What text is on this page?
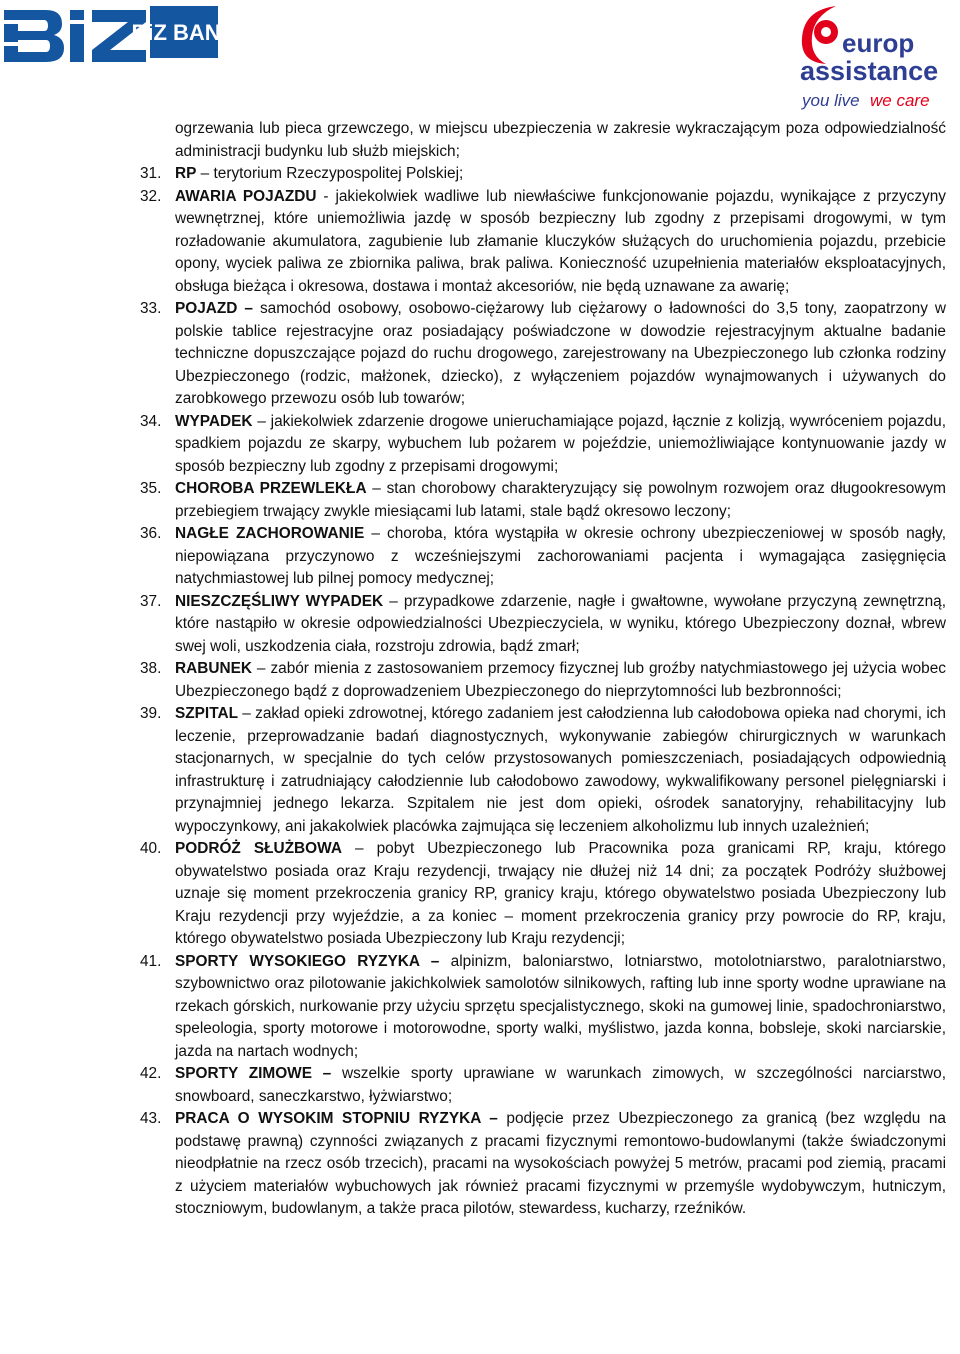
BiZ BANK	europ
assistance
you live we care
ogrzewania lub pieca grzewczego, w miejscu ubezpieczenia w zakresie wykraczającym poza odpowiedzialność administracji budynku lub służb miejskich;
31. RP – terytorium Rzeczypospolitej Polskiej;
32. AWARIA POJAZDU - jakiekolwiek wadliwe lub niewłaściwe funkcjonowanie pojazdu, wynikające z przyczyny wewnętrznej, które uniemożliwia jazdę w sposób bezpieczny lub zgodny z przepisami drogowymi, w tym rozładowanie akumulatora, zagubienie lub złamanie kluczyków służących do uruchomienia pojazdu, przebicie opony, wyciek paliwa ze zbiornika paliwa, brak paliwa. Konieczność uzupełnienia materiałów eksploatacyjnych, obsługa bieżąca i okresowa, dostawa i montaż akcesoriów, nie będą uznawane za awarię;
33. POJAZD – samochód osobowy, osobowo-ciężarowy lub ciężarowy o ładowności do 3,5 tony, zaopatrzony w polskie tablice rejestracyjne oraz posiadający poświadczone w dowodzie rejestracyjnym aktualne badanie techniczne dopuszczające pojazd do ruchu drogowego, zarejestrowany na Ubezpieczonego lub członka rodziny Ubezpieczonego (rodzic, małżonek, dziecko), z wyłączeniem pojazdów wynajmowanych i używanych do zarobkowego przewozu osób lub towarów;
34. WYPADEK – jakiekolwiek zdarzenie drogowe unieruchamiające pojazd, łącznie z kolizją, wywróceniem pojazdu, spadkiem pojazdu ze skarpy, wybuchem lub pożarem w pojeździe, uniemożliwiające kontynuowanie jazdy w sposób bezpieczny lub zgodny z przepisami drogowymi;
35. CHOROBA PRZEWLEKŁA – stan chorobowy charakteryzujący się powolnym rozwojem oraz długookresowym przebiegiem trwający zwykle miesiącami lub latami, stale bądź okresowo leczony;
36. NAGŁE ZACHOROWANIE – choroba, która wystąpiła w okresie ochrony ubezpieczeniowej w sposób nagły, niepowiązana przyczynowo z wcześniejszymi zachorowaniami pacjenta i wymagająca zasięgnięcia natychmiastowej lub pilnej pomocy medycznej;
37. NIESZCZĘŚLIWY WYPADEK – przypadkowe zdarzenie, nagłe i gwałtowne, wywołane przyczyną zewnętrzną, które nastąpiło w okresie odpowiedzialności Ubezpieczyciela, w wyniku, którego Ubezpieczony doznał, wbrew swej woli, uszkodzenia ciała, rozstroju zdrowia, bądź zmarł;
38. RABUNEK – zabór mienia z zastosowaniem przemocy fizycznej lub groźby natychmiastowego jej użycia wobec Ubezpieczonego bądź z doprowadzeniem Ubezpieczonego do nieprzytomności lub bezbronności;
39. SZPITAL – zakład opieki zdrowotnej, którego zadaniem jest całodzienna lub całodobowa opieka nad chorymi, ich leczenie, przeprowadzanie badań diagnostycznych, wykonywanie zabiegów chirurgicznych w warunkach stacjonarnych, w specjalnie do tych celów przystosowanych pomieszczeniach, posiadających odpowiednią infrastrukturę i zatrudniający całodziennie lub całodobowo zawodowy, wykwalifikowany personel pielęgniarski i przynajmniej jednego lekarza. Szpitalem nie jest dom opieki, ośrodek sanatoryjny, rehabilitacyjny lub wypoczynkowy, ani jakakolwiek placówka zajmująca się leczeniem alkoholizmu lub innych uzależnień;
40. PODRÓŻ SŁUŻBOWA – pobyt Ubezpieczonego lub Pracownika poza granicami RP, kraju, którego obywatelstwo posiada oraz Kraju rezydencji, trwający nie dłużej niż 14 dni; za początek Podróży służbowej uznaje się moment przekroczenia granicy RP, granicy kraju, którego obywatelstwo posiada Ubezpieczony lub Kraju rezydencji przy wyjeździe, a za koniec – moment przekroczenia granicy przy powrocie do RP, kraju, którego obywatelstwo posiada Ubezpieczony lub Kraju rezydencji;
41. SPORTY WYSOKIEGO RYZYKA – alpinizm, baloniarstwo, lotniarstwo, motolotniarstwo, paralotniarstwo, szybownictwo oraz pilotowanie jakichkolwiek samolotów silnikowych, rafting lub inne sporty wodne uprawiane na rzekach górskich, nurkowanie przy użyciu sprzętu specjalistycznego, skoki na gumowej linie, spadochroniarstwo, speleologia, sporty motorowe i motorowodne, sporty walki, myślistwo, jazda konna, bobsleje, skoki narciarskie, jazda na nartach wodnych;
42. SPORTY ZIMOWE – wszelkie sporty uprawiane w warunkach zimowych, w szczególności narciarstwo, snowboard, saneczkarstwo, łyżwiarstwo;
43. PRACA O WYSOKIM STOPNIU RYZYKA – podjęcie przez Ubezpieczonego za granicą (bez względu na podstawę prawną) czynności związanych z pracami fizycznymi remontowo-budowlanymi (także świadczonymi nieodpłatnie na rzecz osób trzecich), pracami na wysokościach powyżej 5 metrów, pracami pod ziemią, pracami z użyciem materiałów wybuchowych jak również pracami fizycznymi w przemyśle wydobywczym, hutniczym, stoczniowym, budowlanym, a także praca pilotów, stewardess, kucharzy, rzeźników.
